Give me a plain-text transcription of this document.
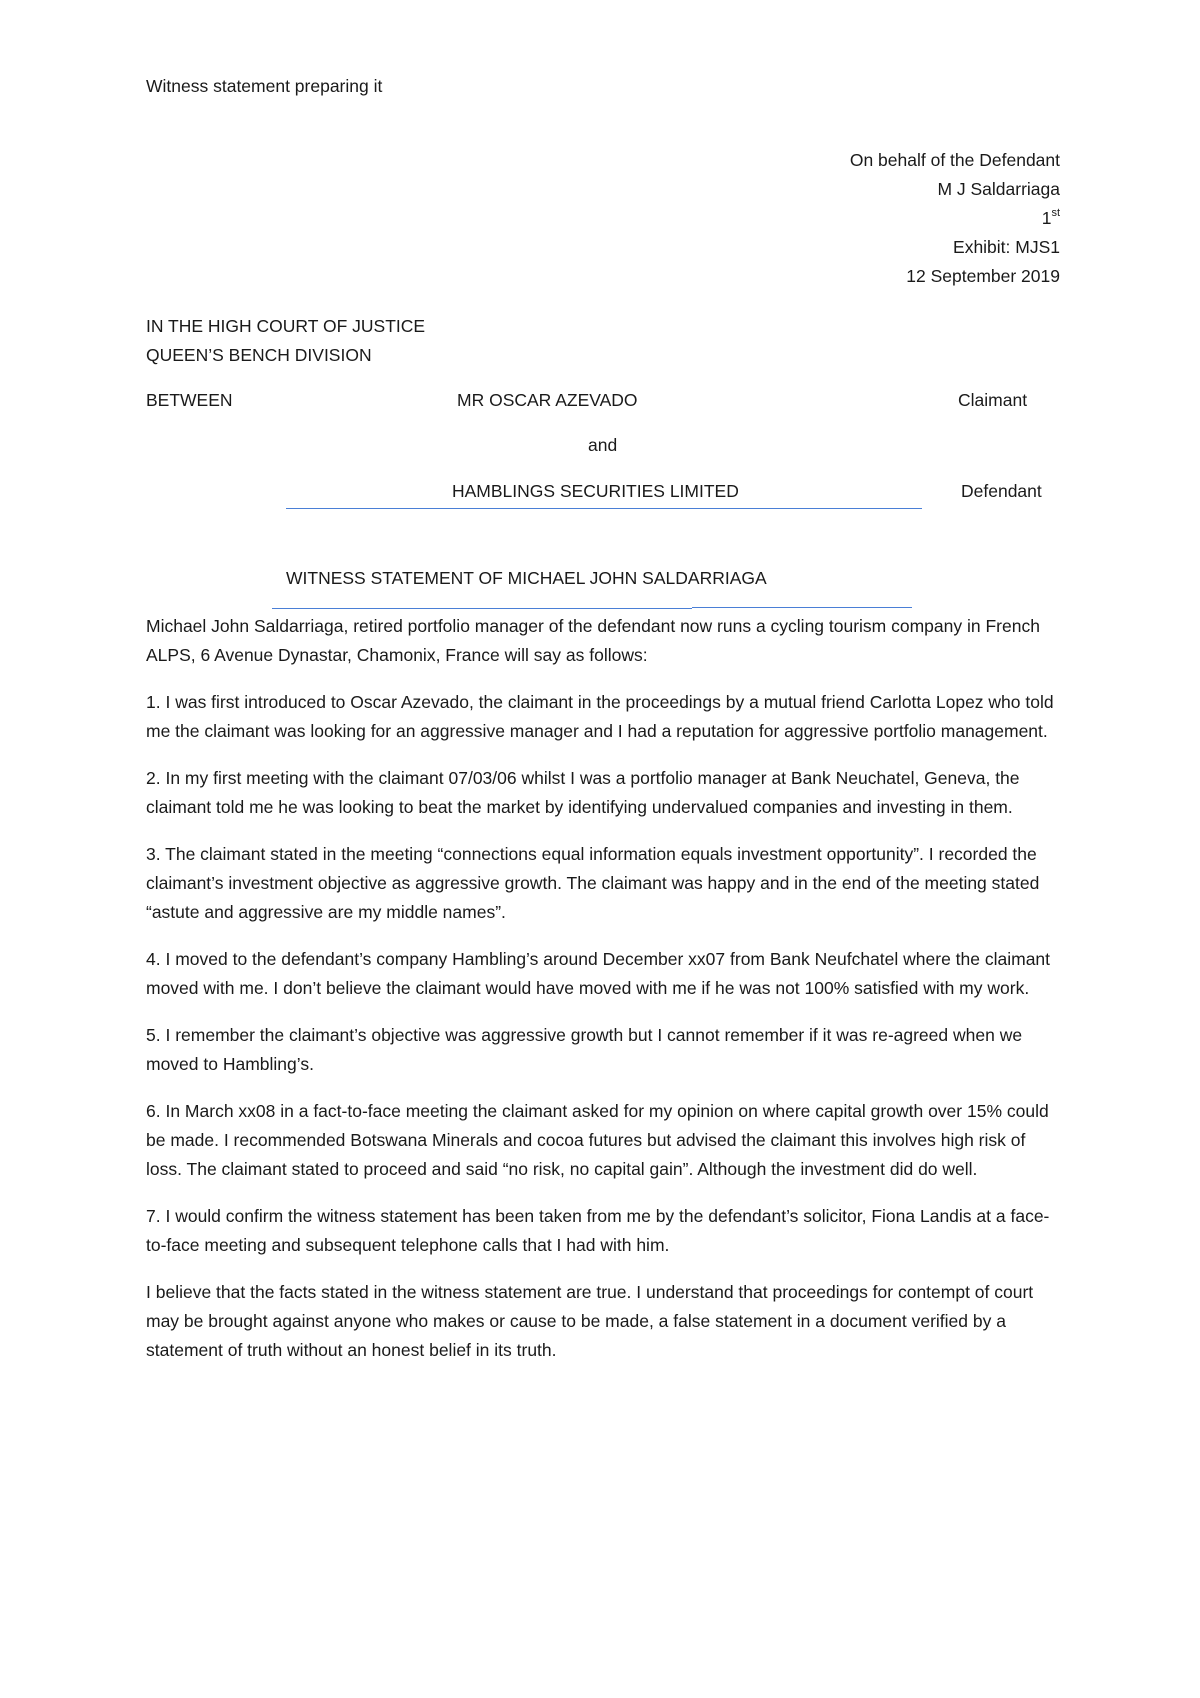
Witness statement preparing it
On behalf of the Defendant
M J Saldarriaga
1st
Exhibit: MJS1
12 September 2019
IN THE HIGH COURT OF JUSTICE
QUEEN’S BENCH DIVISION
BETWEEN	MR OSCAR AZEVADO	Claimant
and
HAMBLINGS SECURITIES LIMITED	Defendant
WITNESS STATEMENT OF MICHAEL JOHN SALDARRIAGA

Michael John Saldarriaga, retired portfolio manager of the defendant now runs a cycling tourism company in French ALPS, 6 Avenue Dynastar, Chamonix, France will say as follows:

1. I was first introduced to Oscar Azevado, the claimant in the proceedings by a mutual friend Carlotta Lopez who told me the claimant was looking for an aggressive manager and I had a reputation for aggressive portfolio management.

2. In my first meeting with the claimant 07/03/06 whilst I was a portfolio manager at Bank Neuchatel, Geneva, the claimant told me he was looking to beat the market by identifying undervalued companies and investing in them.

3. The claimant stated in the meeting “connections equal information equals investment opportunity”. I recorded the claimant’s investment objective as aggressive growth. The claimant was happy and in the end of the meeting stated “astute and aggressive are my middle names”.

4. I moved to the defendant’s company Hambling’s around December xx07 from Bank Neufchatel where the claimant moved with me. I don’t believe the claimant would have moved with me if he was not 100% satisfied with my work.

5. I remember the claimant’s objective was aggressive growth but I cannot remember if it was re-agreed when we moved to Hambling’s.

6. In March xx08 in a fact-to-face meeting the claimant asked for my opinion on where capital growth over 15% could be made. I recommended Botswana Minerals and cocoa futures but advised the claimant this involves high risk of loss. The claimant stated to proceed and said “no risk, no capital gain”. Although the investment did do well.

7. I would confirm the witness statement has been taken from me by the defendant’s solicitor, Fiona Landis at a face-to-face meeting and subsequent telephone calls that I had with him.

I believe that the facts stated in the witness statement are true. I understand that proceedings for contempt of court may be brought against anyone who makes or cause to be made, a false statement in a document verified by a statement of truth without an honest belief in its truth.
